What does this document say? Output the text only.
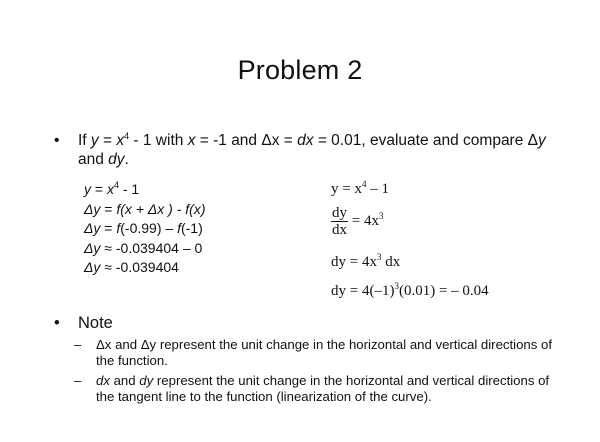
Problem 2
• If $y = x^4 - 1$ with x = -1 and Δx = dx = 0.01, evaluate and compare Δy and dy.
$y = x^4 - 1$
Δy = f(x + Δx ) - f(x)
Δy = f(-0.99) – f(-1)
Δy ≈ -0.039404 – 0
Δy ≈ -0.039404
$y = x^4 - 1$
$\frac{dy}{dx} = 4x^3$
dy = $4x^3$ dx
dy = $4(-1)^3(0.01)$ = – 0.04
• Note
– Δx and Δy represent the unit change in the horizontal and vertical directions of the function.
– dx and dy represent the unit change in the horizontal and vertical directions of the tangent line to the function (linearization of the curve).
